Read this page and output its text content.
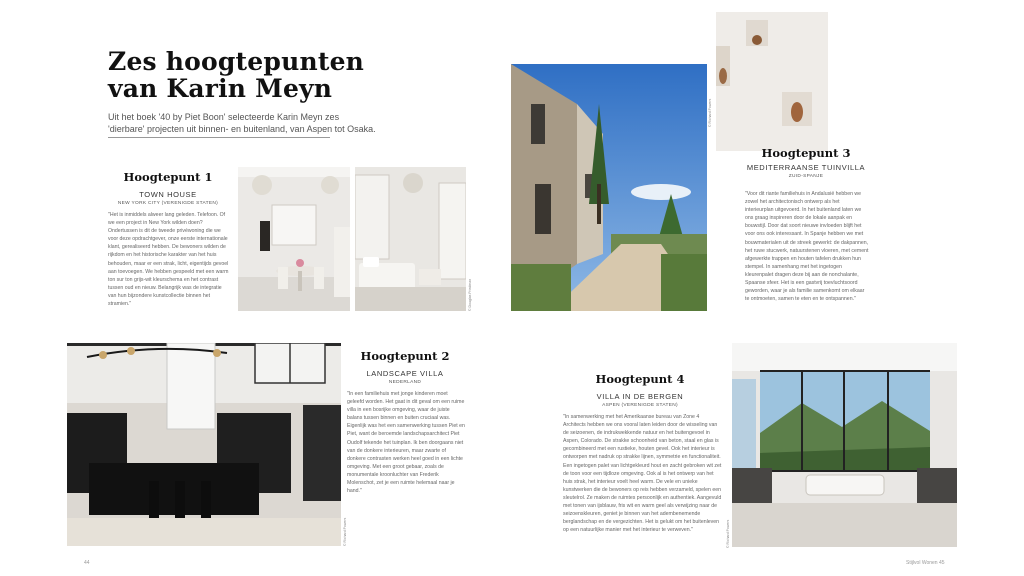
Zes hoogtepunten
van Karin Meyn
Uit het boek '40 by Piet Boon' selecteerde Karin Meyn zes 'dierbare' projecten uit binnen- en buitenland, van Aspen tot Osaka.
Hoogtepunt 1
TOWN HOUSE
NEW YORK CITY (VERENIGDE STATEN)
"Het is inmiddels alweer lang geleden. Telefoon. Of we een project in New York wilden doen? Ondertussen is dit de tweede privéwoning die we voor deze opdrachtgever, onze eerste internationale klant, gerealiseerd hebben. De bewoners wilden de rijkdom en het historische karakter van het huis behouden, maar er een strak, licht, eigentijds gevoel aan toevoegen. We hebben gespeeld met een warm ton sur ton grijs-wit kleurschema en het contrast tussen oud en nieuw. Belangrijk was de integratie van hun bijzondere kunstcollectie binnen het stramien."	© Douglas Friedman
© Richard Powers
Hoogtepunt 3
MEDITERRAANSE TUINVILLA
ZUID-SPANJE
"Voor dit riante familiehuis in Andalusië hebben we zowel het architectonisch ontwerp als het interieurplan uitgevoerd. In het buitenland laten we ons graag inspireren door de lokale aanpak en bouwstijl. Door dat soort nieuwe invloeden blijft het voor ons ook interessant. In Spanje hebben we met bouwmaterialen uit de streek gewerkt: de dakpannen, het ruwe stucwerk, natuurstenen vloeren, met cement afgewerkte trappen en houten tafelen drukken hun stempel. In samenhang met het ingetogen kleurenpalet dragen deze bij aan de nonchalante, Spaanse sfeer. Het is een gastvrij toevluchtsoord geworden, waar je als familie samenkomt om elkaar te ontmoeten, samen te eten en te ontspannen."
© Richard Powers
Hoogtepunt 2
LANDSCAPE VILLA
NEDERLAND
"In een familiehuis met jonge kinderen moet geleefd worden. Het gaat in dit geval om een ruime villa in een bosrijke omgeving, waar de juiste balans tussen binnen en buiten cruciaal was. Eigenlijk was het een samenwerking tussen Piet en Piet, want de beroemde landschapsarchitect Piet Oudolf tekende het tuinplan. Ik ben doorgaans niet van de donkere interieuren, maar zwarte of donkere contrasten werken heel goed in een lichte omgeving. Met een groot gebaar, zoals de monumentale kroonluchter van Frederik Molenschot, zet je een ruimte helemaal naar je hand."
Hoogtepunt 4
VILLA IN DE BERGEN
ASPEN (VERENIGDE STATEN)
"In samenwerking met het Amerikaanse bureau van Zone 4 Architects hebben we ons vooral laten leiden door de wisseling van de seizoenen, de indrukwekkende natuur en het buitengevoel in Aspen, Colorado. De strakke schoonheid van beton, staal en glas is gecombineerd met een rustieke, houten gevel. Ook het interieur is ontworpen met nadruk op strakke lijnen, symmetrie en functionaliteit. Een ingetogen palet van lichtgekleurd hout en zacht gebroken wit zet de toon voor een tijdloze omgeving. Ook al is het ontwerp van het huis strak, het interieur voelt heel warm. De vele en unieke kunstwerken die de bewoners op reis hebben verzameld, spelen een sleutelrol. Ze maken de ruimtes persoonlijk en authentiek. Aangevuld met tonen van ijsblauw, fris wit en warm geel als verwijzing naar de seizoenskleuren, geniet je binnen van het adembenemende berglandschap en de vergezichten. Het is gelukt om het buitenleven op een natuurlijke manier met het interieur te verweven."	© Richard Powers
44	Stijlvol Wonen 45
